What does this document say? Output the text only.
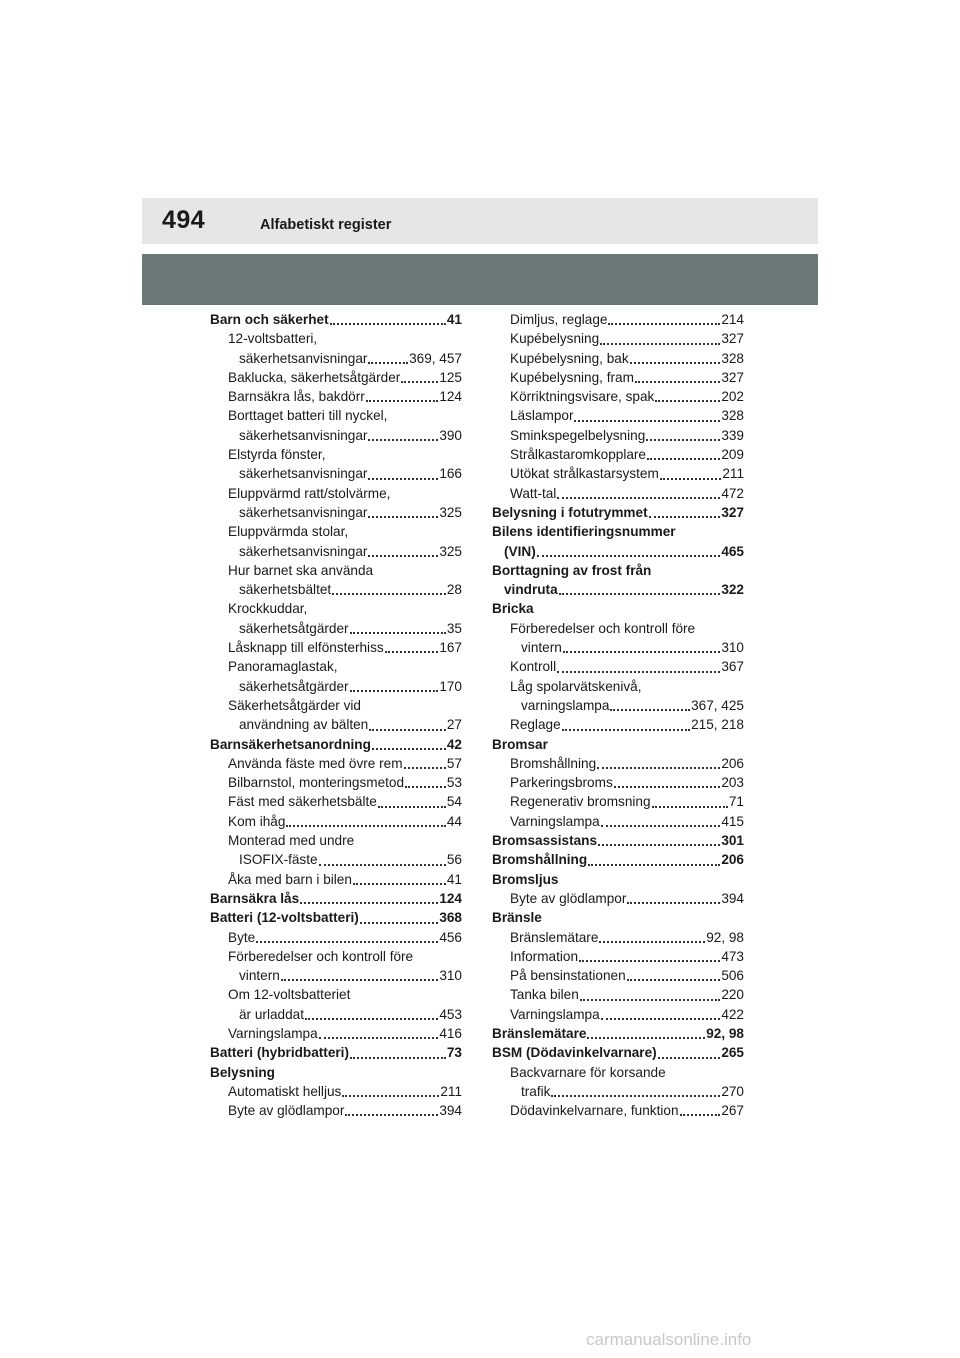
494	Alfabetiskt register
Barn och säkerhet	41
12-voltsbatteri,
säkerhetsanvisningar	369, 457
Baklucka, säkerhetsåtgärder	125
Barnsäkra lås, bakdörr	124
Borttaget batteri till nyckel,
säkerhetsanvisningar	390
Elstyrda fönster,
säkerhetsanvisningar	166
Eluppvärmd ratt/stolvärme,
säkerhetsanvisningar	325
Eluppvärmda stolar,
säkerhetsanvisningar	325
Hur barnet ska använda
säkerhetsbältet	28
Krockkuddar,
säkerhetsåtgärder	35
Låsknapp till elfönsterhiss	167
Panoramaglastak,
säkerhetsåtgärder	170
Säkerhetsåtgärder vid
användning av bälten	27
Barnsäkerhetsanordning	42
Använda fäste med övre rem	57
Bilbarnstol, monteringsmetod	53
Fäst med säkerhetsbälte	54
Kom ihåg	44
Monterad med undre
ISOFIX-fäste	56
Åka med barn i bilen	41
Barnsäkra lås	124
Batteri (12-voltsbatteri)	368
Byte	456
Förberedelser och kontroll före
vintern	310
Om 12-voltsbatteriet
är urladdat	453
Varningslampa	416
Batteri (hybridbatteri)	73
Belysning
Automatiskt helljus	211
Byte av glödlampor	394
Dimljus, reglage	214
Kupébelysning	327
Kupébelysning, bak	328
Kupébelysning, fram	327
Körriktningsvisare, spak	202
Läslampor	328
Sminkspegelbelysning	339
Strålkastaromkopplare	209
Utökat strålkastarsystem	211
Watt-tal	472
Belysning i fotutrymmet	327
Bilens identifieringsnummer
(VIN)	465
Borttagning av frost från
vindruta	322
Bricka
Förberedelser och kontroll före
vintern	310
Kontroll	367
Låg spolarvätskenivå,
varningslampa	367, 425
Reglage	215, 218
Bromsar
Bromshållning	206
Parkeringsbroms	203
Regenerativ bromsning	71
Varningslampa	415
Bromsassistans	301
Bromshållning	206
Bromsljus
Byte av glödlampor	394
Bränsle
Bränslemätare	92, 98
Information	473
På bensinstationen	506
Tanka bilen	220
Varningslampa	422
Bränslemätare	92, 98
BSM (Dödavinkelvarnare)	265
Backvarnare för korsande
trafik	270
Dödavinkelvarnare, funktion	267
carmanualsonline.info
